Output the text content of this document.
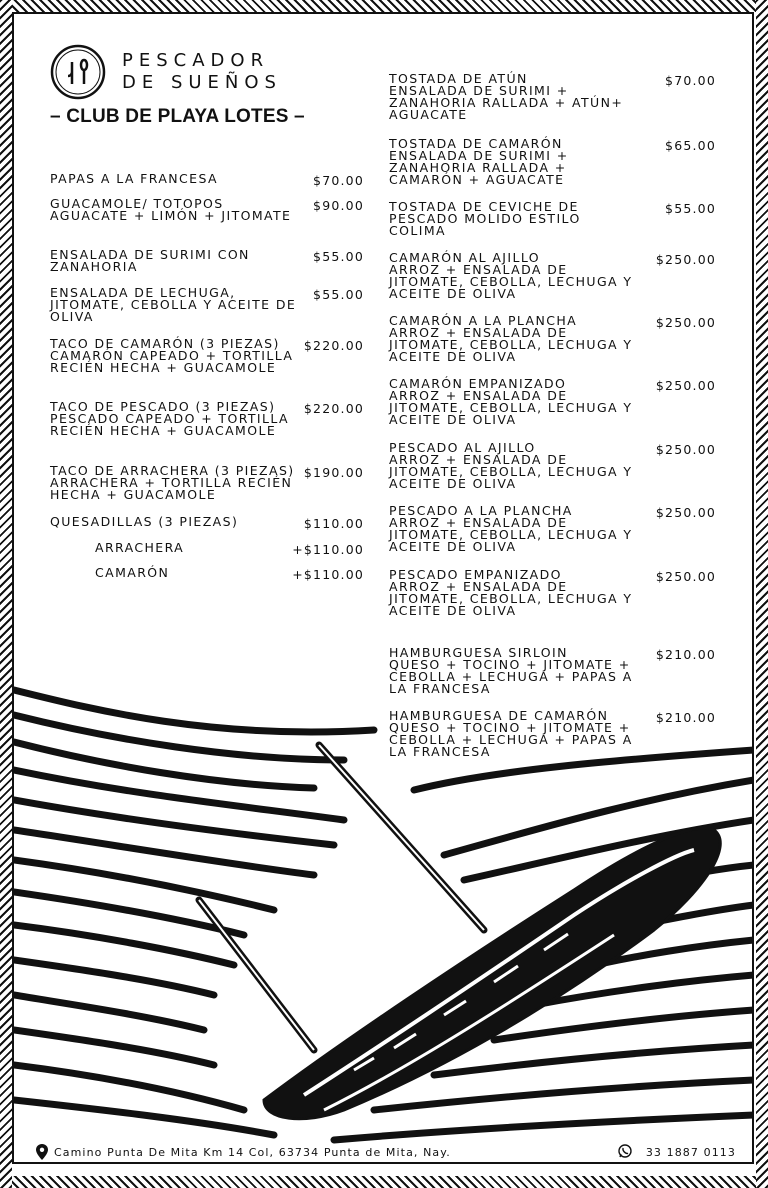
PESCADOR
DE SUEÑOS
– CLUB DE PLAYA LOTES –
PAPAS A LA FRANCESA	$70.00
GUACAMOLE/ TOTOPOS
AGUACATE + LIMÓN + JITOMATE
$90.00
ENSALADA DE SURIMI CON ZANAHORIA
$55.00
ENSALADA DE LECHUGA, JITOMATE, CEBOLLA Y ACEITE DE OLIVA
$55.00
TACO DE CAMARÓN (3 PIEZAS)
CAMARÓN CAPEADO + TORTILLA RECIÉN HECHA + GUACAMOLE
$220.00
TACO DE PESCADO (3 PIEZAS)
PESCADO CAPEADO + TORTILLA RECIÉN HECHA + GUACAMOLE
$220.00
TACO DE ARRACHERA (3 PIEZAS)
ARRACHERA + TORTILLA RECIÉN HECHA + GUACAMOLE
$190.00
QUESADILLAS (3 PIEZAS)	$110.00
ARRACHERA	+$110.00
CAMARÓN	+$110.00
TOSTADA DE ATÚN
ENSALADA DE SURIMI + ZANAHORIA RALLADA + ATÚN+ AGUACATE
$70.00
TOSTADA DE CAMARÓN
ENSALADA DE SURIMI + ZANAHORIA RALLADA + CAMARÓN + AGUACATE
$65.00
TOSTADA DE CEVICHE DE PESCADO MOLIDO ESTILO COLIMA
$55.00
CAMARÓN AL AJILLO
ARROZ + ENSALADA DE JITOMATE, CEBOLLA, LECHUGA Y ACEITE DE OLIVA
$250.00
CAMARÓN A LA PLANCHA
ARROZ + ENSALADA DE JITOMATE, CEBOLLA, LECHUGA Y ACEITE DE OLIVA
$250.00
CAMARÓN EMPANIZADO
ARROZ + ENSALADA DE JITOMATE, CEBOLLA, LECHUGA Y ACEITE DE OLIVA
$250.00
PESCADO AL AJILLO
ARROZ + ENSALADA DE JITOMATE, CEBOLLA, LECHUGA Y ACEITE DE OLIVA
$250.00
PESCADO A LA PLANCHA
ARROZ + ENSALADA DE JITOMATE, CEBOLLA, LECHUGA Y ACEITE DE OLIVA
$250.00
PESCADO EMPANIZADO
ARROZ + ENSALADA DE JITOMATE, CEBOLLA, LECHUGA Y ACEITE DE OLIVA
$250.00
HAMBURGUESA SIRLOIN
QUESO + TOCINO + JITOMATE + CEBOLLA + LECHUGA + PAPAS A LA FRANCESA
$210.00
HAMBURGUESA DE CAMARÓN
QUESO + TOCINO + JITOMATE + CEBOLLA + LECHUGA + PAPAS A LA FRANCESA
$210.00
Camino Punta De Mita Km 14 Col, 63734 Punta de Mita, Nay.	33 1887 0113
